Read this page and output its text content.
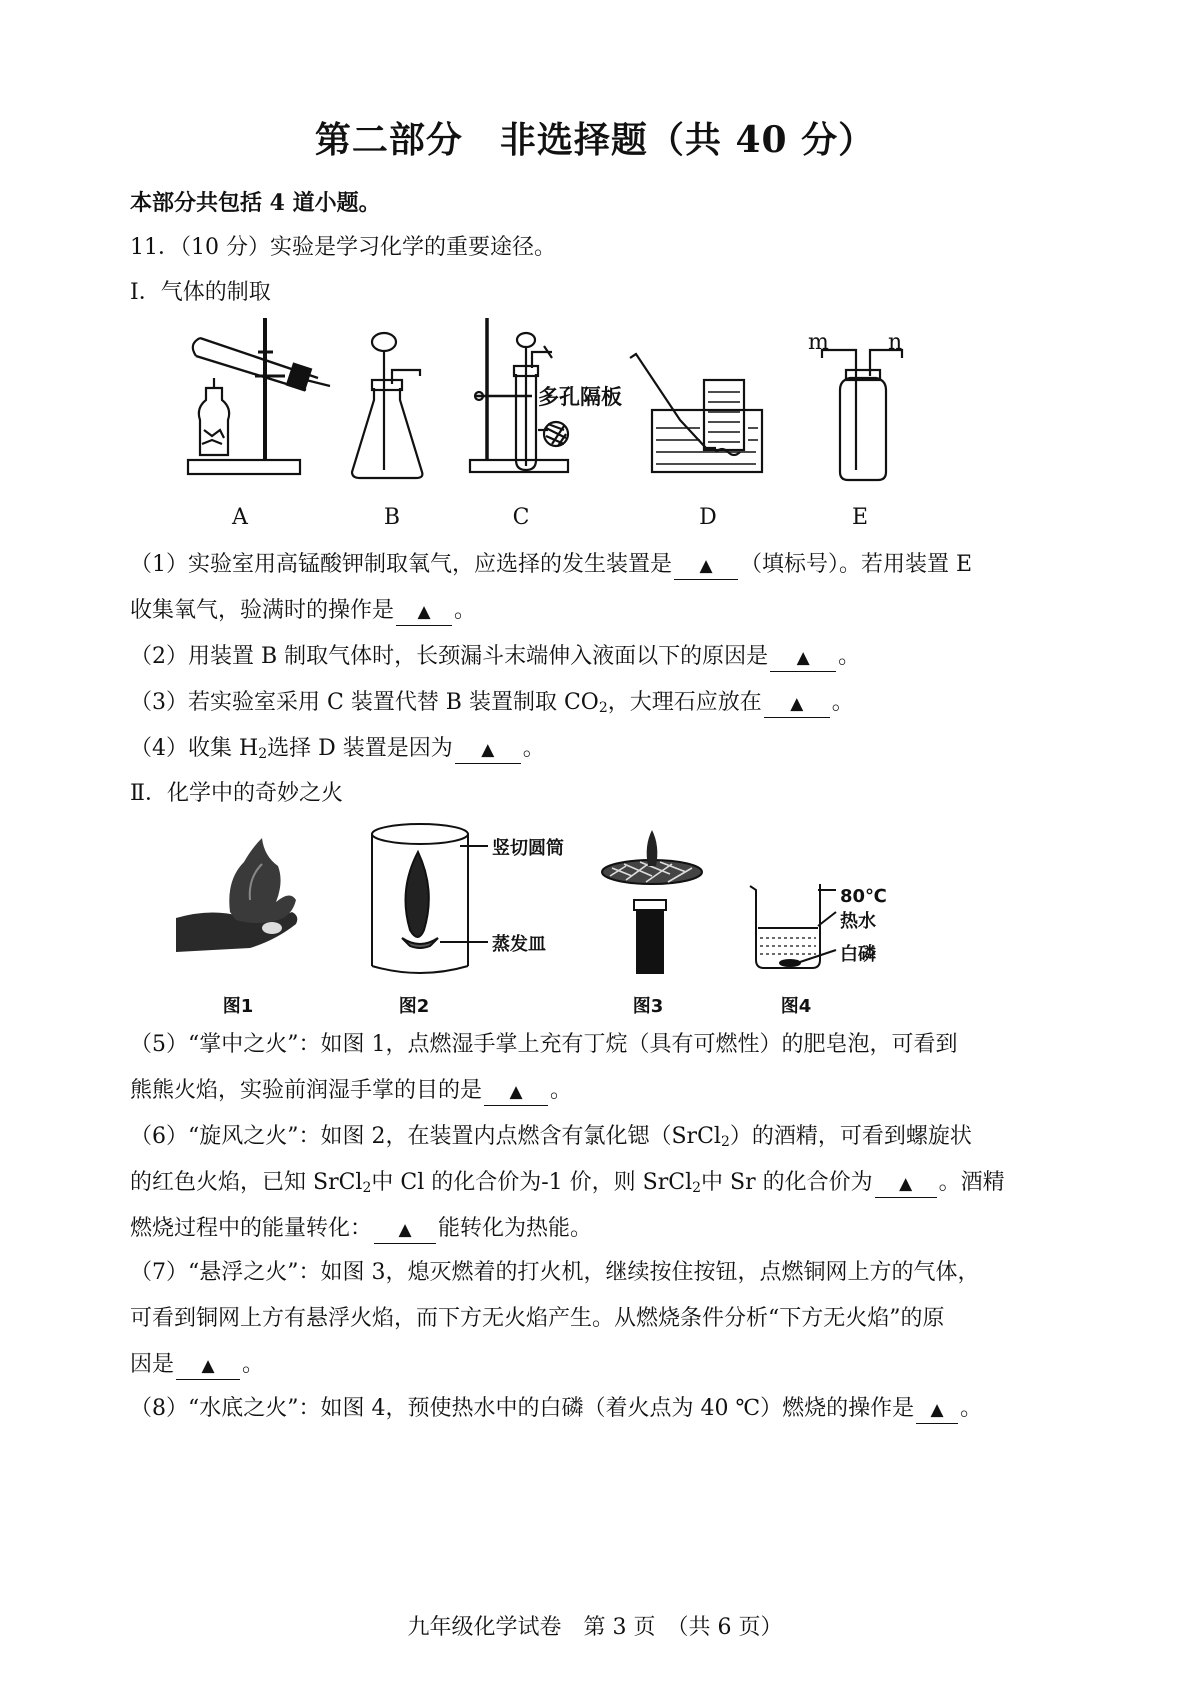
第二部分　非选择题（共 40 分）
本部分共包括 4 道小题。
11．（10 分）实验是学习化学的重要途径。
Ⅰ．气体的制取
多孔隔板
m	n
A	B	C	D	E
（1）实验室用高锰酸钾制取氧气，应选择的发生装置是 ▲ （填标号）。若用装置 E
收集氧气，验满时的操作是 ▲ 。
（2）用装置 B 制取气体时，长颈漏斗末端伸入液面以下的原因是 ▲ 。
（3）若实验室采用 C 装置代替 B 装置制取 $CO_2$，大理石应放在 ▲ 。
（4）收集 $H_2$选择 D 装置是因为 ▲ 。
Ⅱ．化学中的奇妙之火
竖切圆筒
蒸发皿
80℃
热水
白磷
图1	图2	图3	图4
（5）“掌中之火”：如图 1，点燃湿手掌上充有丁烷（具有可燃性）的肥皂泡，可看到
熊熊火焰，实验前润湿手掌的目的是 ▲ 。
（6）“旋风之火”：如图 2，在装置内点燃含有氯化锶（SrCl$_2$）的酒精，可看到螺旋状
的红色火焰，已知 SrCl$_2$中 Cl 的化合价为-1 价，则 SrCl$_2$中 Sr 的化合价为 ▲ 。酒精
燃烧过程中的能量转化： ▲ 能转化为热能。
（7）“悬浮之火”：如图 3，熄灭燃着的打火机，继续按住按钮，点燃铜网上方的气体，
可看到铜网上方有悬浮火焰，而下方无火焰产生。从燃烧条件分析“下方无火焰”的原
因是 ▲ 。
（8）“水底之火”：如图 4，预使热水中的白磷（着火点为 40 ℃）燃烧的操作是 ▲ 。
九年级化学试卷　第 3 页　（共 6 页）
